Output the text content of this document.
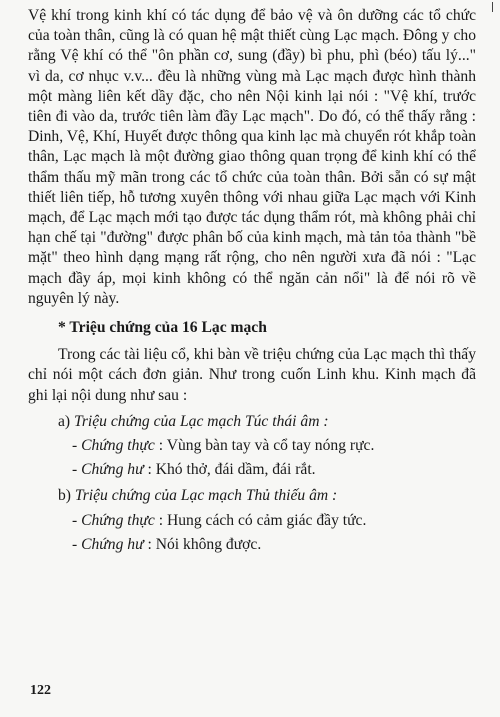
Vệ khí trong kinh khí có tác dụng để bảo vệ và ôn dưỡng các tổ chức của toàn thân, cũng là có quan hệ mật thiết cùng Lạc mạch. Đông y cho rằng Vệ khí có thể "ôn phần cơ, sung (đầy) bì phu, phì (béo) tấu lý..." vì da, cơ nhục v.v... đều là những vùng mà Lạc mạch được hình thành một màng liên kết dầy đặc, cho nên Nội kinh lại nói : "Vệ khí, trước tiên đi vào da, trước tiên làm đầy Lạc mạch". Do đó, có thể thấy rằng : Dinh, Vệ, Khí, Huyết được thông qua kinh lạc mà chuyển rót khắp toàn thân, Lạc mạch là một đường giao thông quan trọng để kinh khí có thể thẩm thấu mỹ mãn trong các tổ chức của toàn thân. Bởi sẵn có sự mật thiết liên tiếp, hỗ tương xuyên thông với nhau giữa Lạc mạch với Kinh mạch, để Lạc mạch mới tạo được tác dụng thẩm rót, mà không phải chỉ hạn chế tại "đường" được phân bố của kinh mạch, mà tản tỏa thành "bề mặt" theo hình dạng mạng rất rộng, cho nên người xưa đã nói : "Lạc mạch đầy áp, mọi kinh không có thể ngăn cản nổi" là để nói rõ về nguyên lý này.

* Triệu chứng của 16 Lạc mạch

Trong các tài liệu cổ, khi bàn về triệu chứng của Lạc mạch thì thấy chỉ nói một cách đơn giản. Như trong cuốn Linh khu. Kinh mạch đã ghi lại nội dung như sau :

a) Triệu chứng của Lạc mạch Túc thái âm :

- Chứng thực : Vùng bàn tay và cổ tay nóng rực.

- Chứng hư : Khó thở, đái dầm, đái rắt.

b) Triệu chứng của Lạc mạch Thủ thiếu âm :

- Chứng thực : Hung cách có cảm giác đầy tức.

- Chứng hư : Nói không được.

122
